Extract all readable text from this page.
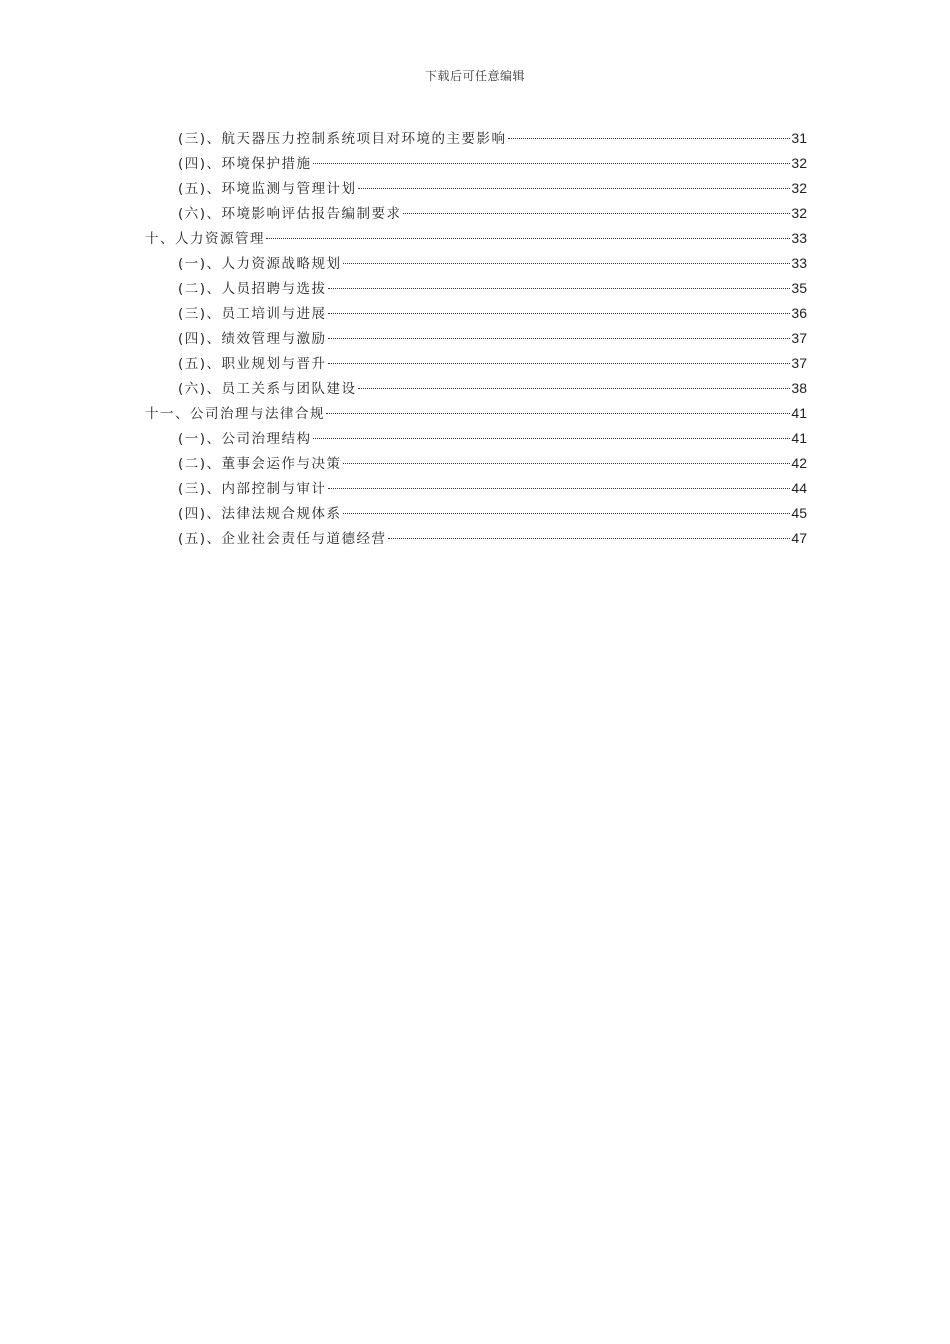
下载后可任意编辑
(三)、航天器压力控制系统项目对环境的主要影响	31
(四)、环境保护措施	32
(五)、环境监测与管理计划	32
(六)、环境影响评估报告编制要求	32
十、人力资源管理	33
(一)、人力资源战略规划	33
(二)、人员招聘与选拔	35
(三)、员工培训与进展	36
(四)、绩效管理与激励	37
(五)、职业规划与晋升	37
(六)、员工关系与团队建设	38
十一、公司治理与法律合规	41
(一)、公司治理结构	41
(二)、董事会运作与决策	42
(三)、内部控制与审计	44
(四)、法律法规合规体系	45
(五)、企业社会责任与道德经营	47
